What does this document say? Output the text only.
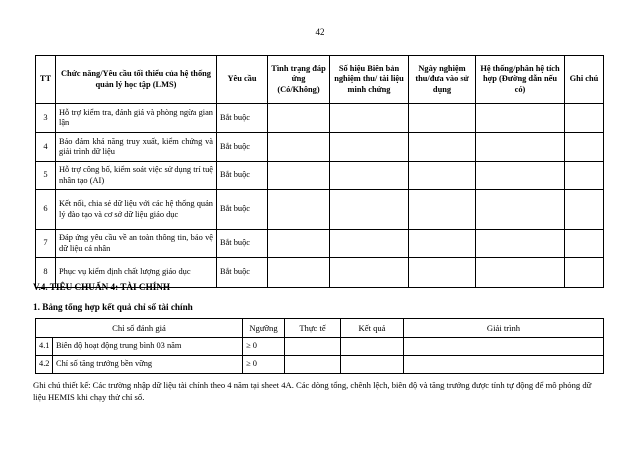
42
TT	Chức năng/Yêu cầu tối thiểu của hệ thống quản lý học tập (LMS)	Yêu cầu	Tình trạng đáp ứng (Có/Không)	Số hiệu Biên bản nghiệm thu/ tài liệu minh chứng	Ngày nghiệm thu/đưa vào sử dụng	Hệ thống/phân hệ tích hợp (Đường dẫn nếu có)	Ghi chú
3	Hỗ trợ kiểm tra, đánh giá và phòng ngừa gian lận	Bắt buộc					
4	Bảo đảm khả năng truy xuất, kiểm chứng và giải trình dữ liệu	Bắt buộc					
5	Hỗ trợ công bố, kiểm soát việc sử dụng trí tuệ nhân tạo (AI)	Bắt buộc					
6	Kết nối, chia sẻ dữ liệu với các hệ thống quản lý đào tạo và cơ sở dữ liệu giáo dục	Bắt buộc					
7	Đáp ứng yêu cầu về an toàn thông tin, bảo vệ dữ liệu cá nhân	Bắt buộc					
8	Phục vụ kiểm định chất lượng giáo dục	Bắt buộc					
V.4. TIÊU CHUẨN 4: TÀI CHÍNH
1. Bảng tổng hợp kết quả chỉ số tài chính
Chỉ số đánh giá		Ngưỡng	Thực tế	Kết quả	Giải trình
4.1	Biên độ hoạt động trung bình 03 năm	≥ 0			
4.2	Chỉ số tăng trưởng bền vững	≥ 0			
Ghi chú thiết kế: Các trường nhập dữ liệu tài chính theo 4 năm tại sheet 4A. Các dòng tổng, chênh lệch, biên độ và tăng trưởng được tính tự động để mô phỏng dữ liệu HEMIS khi chạy thử chỉ số.
